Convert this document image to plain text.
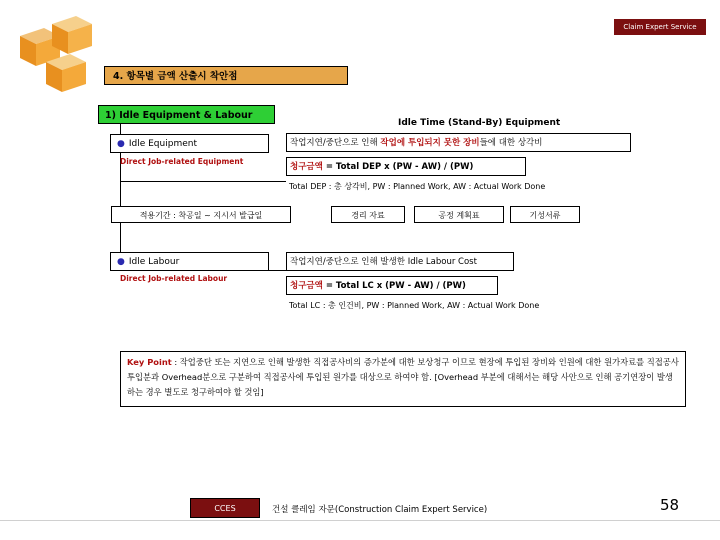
Claim Expert Service
4. 항목별 금액 산출시 착안점
1) Idle Equipment & Labour
Idle Time (Stand-By) Equipment
● Idle Equipment
Direct Job-related Equipment
작업지연/중단으로 인해 작업에 투입되지 못한 장비들에 대한 상각비
청구금액 = Total DEP x (PW - AW) / (PW)
Total DEP : 총 상각비, PW : Planned Work, AW : Actual Work Done
적용기간 : 착공일 ~ 지시서 발급일	경리 자료	공정 계획표	기성서류
● Idle Labour
Direct Job-related Labour
작업지연/중단으로 인해 발생한 Idle Labour Cost
청구금액 = Total LC x (PW - AW) / (PW)
Total LC : 총 인건비, PW : Planned Work, AW : Actual Work Done
Key Point : 작업중단 또는 지연으로 인해 발생한 직접공사비의 증가분에 대한 보상청구 이므로 현장에 투입된 장비와 인원에 대한 원가자료를 직접공사투입분과 Overhead분으로 구분하여 직접공사에 투입된 원가를 대상으로 하여야 함. [Overhead 부분에 대해서는 해당 사안으로 인해 공기연장이 발생하는 경우 별도로 청구하여야 할 것임]
CCES	건설 클레임 자문(Construction Claim Expert Service)	58
